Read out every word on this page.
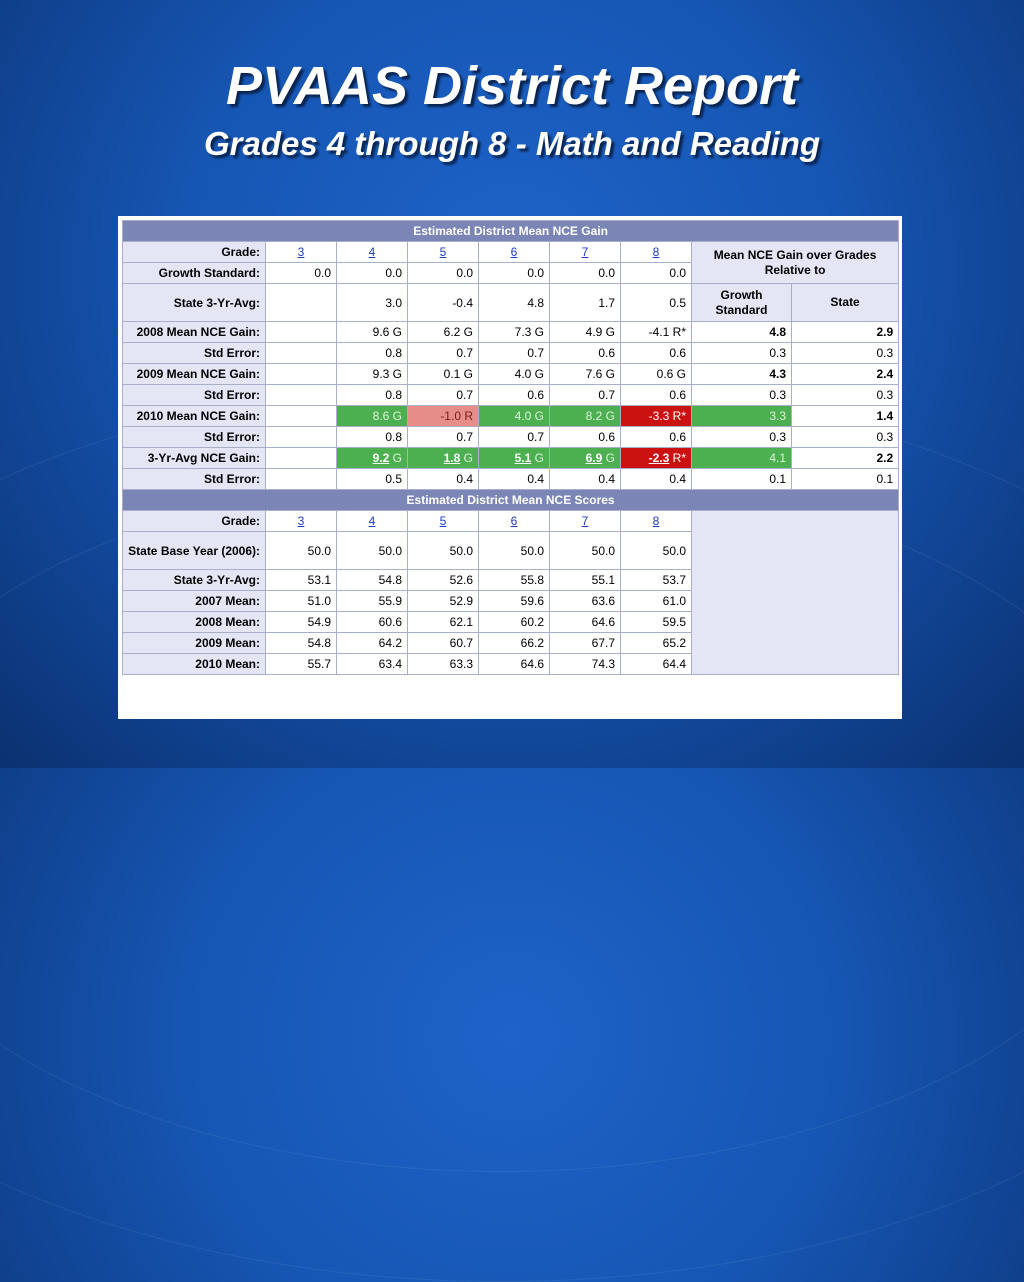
PVAAS District Report
Grades 4 through 8 - Math and Reading
Estimated District Mean NCE Gain								
Grade:	3	4	5	6	7	8	Mean NCE Gain over Grades Relative to	
Growth Standard:	0.0	0.0	0.0	0.0	0.0	0.0		
State 3-Yr-Avg:		3.0	-0.4	4.8	1.7	0.5	Growth Standard	State
2008 Mean NCE Gain:		9.6 G	6.2 G	7.3 G	4.9 G	-4.1 R*	4.8	2.9
Std Error:		0.8	0.7	0.7	0.6	0.6	0.3	0.3
2009 Mean NCE Gain:		9.3 G	0.1 G	4.0 G	7.6 G	0.6 G	4.3	2.4
Std Error:		0.8	0.7	0.6	0.7	0.6	0.3	0.3
2010 Mean NCE Gain:		8.6 G	-1.0 R	4.0 G	8.2 G	-3.3 R*	3.3	1.4
Std Error:		0.8	0.7	0.7	0.6	0.6	0.3	0.3
3-Yr-Avg NCE Gain:		9.2 G	1.8 G	5.1 G	6.9 G	-2.3 R*	4.1	2.2
Std Error:		0.5	0.4	0.4	0.4	0.4	0.1	0.1
Estimated District Mean NCE Scores								
Grade:	3	4	5	6	7	8		
State Base Year (2006):	50.0	50.0	50.0	50.0	50.0	50.0		
State 3-Yr-Avg:	53.1	54.8	52.6	55.8	55.1	53.7		
2007 Mean:	51.0	55.9	52.9	59.6	63.6	61.0		
2008 Mean:	54.9	60.6	62.1	60.2	64.6	59.5		
2009 Mean:	54.8	64.2	60.7	66.2	67.7	65.2		
2010 Mean:	55.7	63.4	63.3	64.6	74.3	64.4		
